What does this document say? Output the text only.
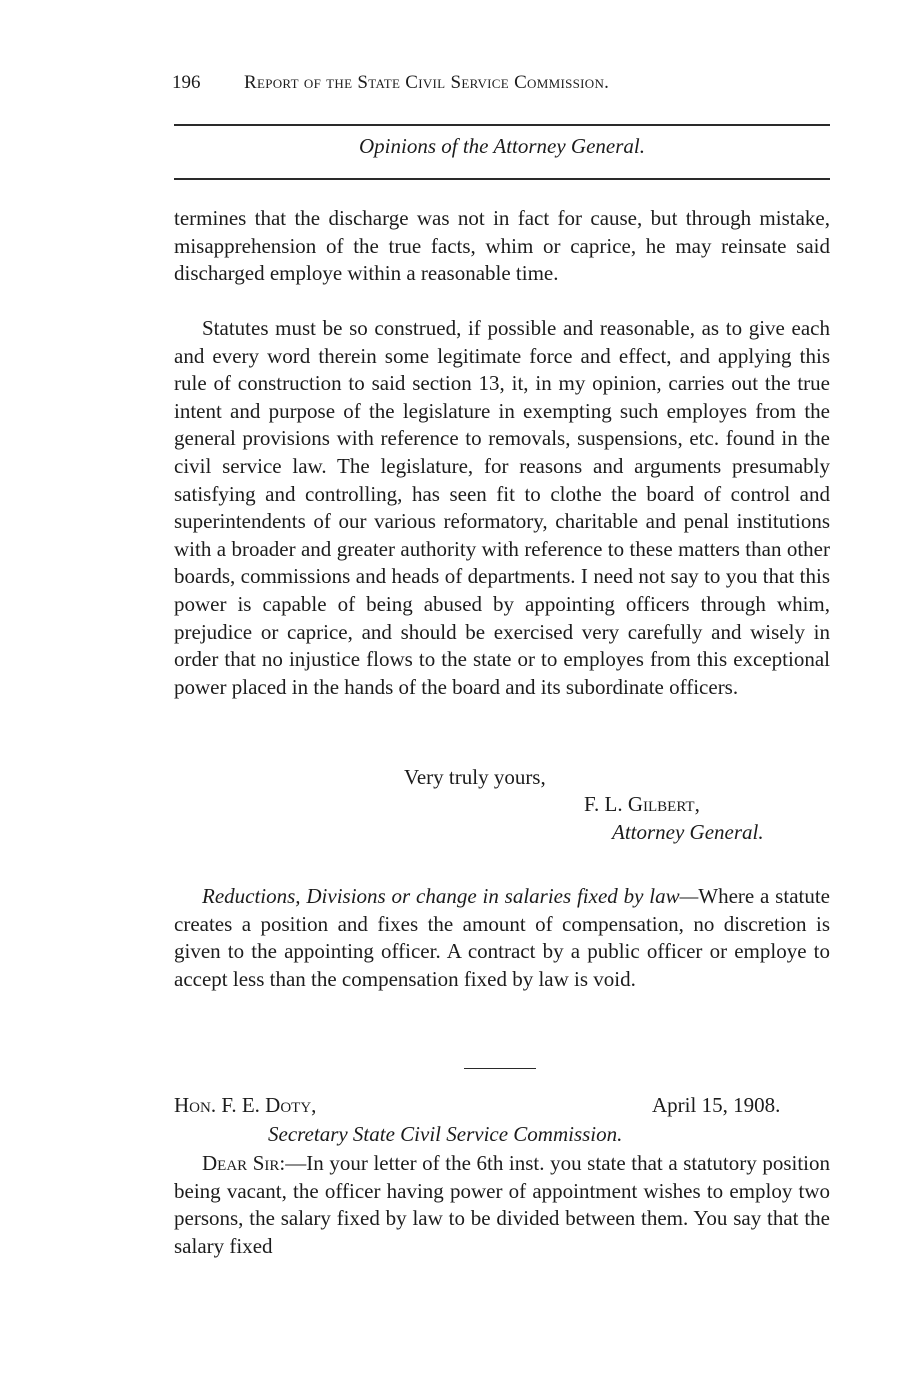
196 Report of the State Civil Service Commission.
Opinions of the Attorney General.

termines that the discharge was not in fact for cause, but through mistake, misapprehension of the true facts, whim or caprice, he may reinsate said discharged employe within a reasonable time.

Statutes must be so construed, if possible and reasonable, as to give each and every word therein some legitimate force and effect, and applying this rule of construction to said section 13, it, in my opinion, carries out the true intent and purpose of the legislature in exempting such employes from the general provisions with reference to removals, suspensions, etc. found in the civil service law. The legislature, for reasons and arguments presumably satisfying and controlling, has seen fit to clothe the board of control and superintendents of our various reformatory, charitable and penal institutions with a broader and greater authority with reference to these matters than other boards, commissions and heads of departments. I need not say to you that this power is capable of being abused by appointing officers through whim, prejudice or caprice, and should be exercised very carefully and wisely in order that no injustice flows to the state or to employes from this exceptional power placed in the hands of the board and its subordinate officers.

Very truly yours,
F. L. Gilbert,
Attorney General.

Reductions, Divisions or change in salaries fixed by law—Where a statute creates a position and fixes the amount of compensation, no discretion is given to the appointing officer. A contract by a public officer or employe to accept less than the compensation fixed by law is void.

Hon. F. E. Doty,	April 15, 1908.
Secretary State Civil Service Commission.

Dear Sir:—In your letter of the 6th inst. you state that a statutory position being vacant, the officer having power of appointment wishes to employ two persons, the salary fixed by law to be divided between them. You say that the salary fixed
